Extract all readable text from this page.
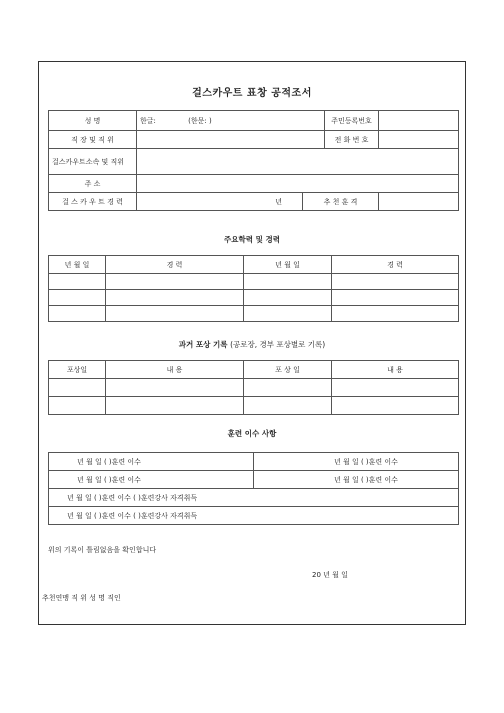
걸스카우트 표창 공적조서
성 명	한글: (한문: )		주민등록번호	
직 장 및 직 위			전 화 번 호	
걸스카우트소속 및 직위				
주 소				
걸 스 카 우 트 경 력	년	추 천 훈 격		
주요학력 및 경력
년 월 일	경 력	년 월 일	경 력

과거 포상 기록 (공로장, 경부 포상별로 기록)
포상일	내 용	포 상 일	내 용

훈련 이수 사항
년 월 일 ( )훈련 이수	년 월 일 ( )훈련 이수
년 월 일 ( )훈련 이수	년 월 일 ( )훈련 이수
년 월 일 ( )훈련 이수 ( )훈련강사 자격취득	
년 월 일 ( )훈련 이수 ( )훈련강사 자격취득	
위의 기록이 틀림없음을 확인합니다
20 년 월 일
추천연맹 직 위 성 명 직인
